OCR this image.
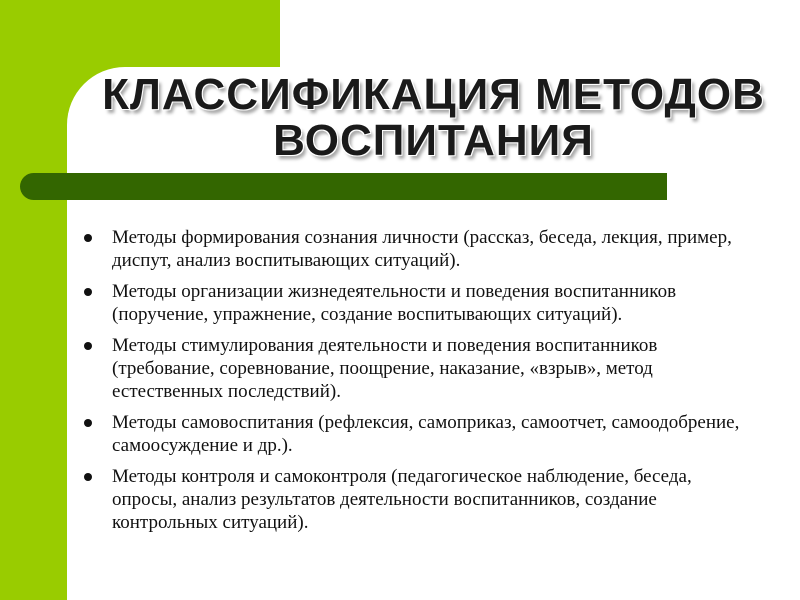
КЛАССИФИКАЦИЯ МЕТОДОВ
ВОСПИТАНИЯ
Методы формирования сознания личности (рассказ, беседа, лекция, пример, диспут, анализ воспитывающих ситуаций).
Методы организации жизнедеятельности и поведения воспитанников (поручение, упражнение, создание воспитывающих ситуаций).
Методы стимулирования деятельности и поведения воспитанников (требование, соревнование, поощрение, наказание, «взрыв», метод естественных последствий).
Методы самовоспитания (рефлексия, самоприказ, самоотчет, самоодобрение, самоосуждение и др.).
Методы контроля и самоконтроля (педагогическое наблюдение, беседа, опросы, анализ результатов деятельности воспитанников, создание контрольных ситуаций).
